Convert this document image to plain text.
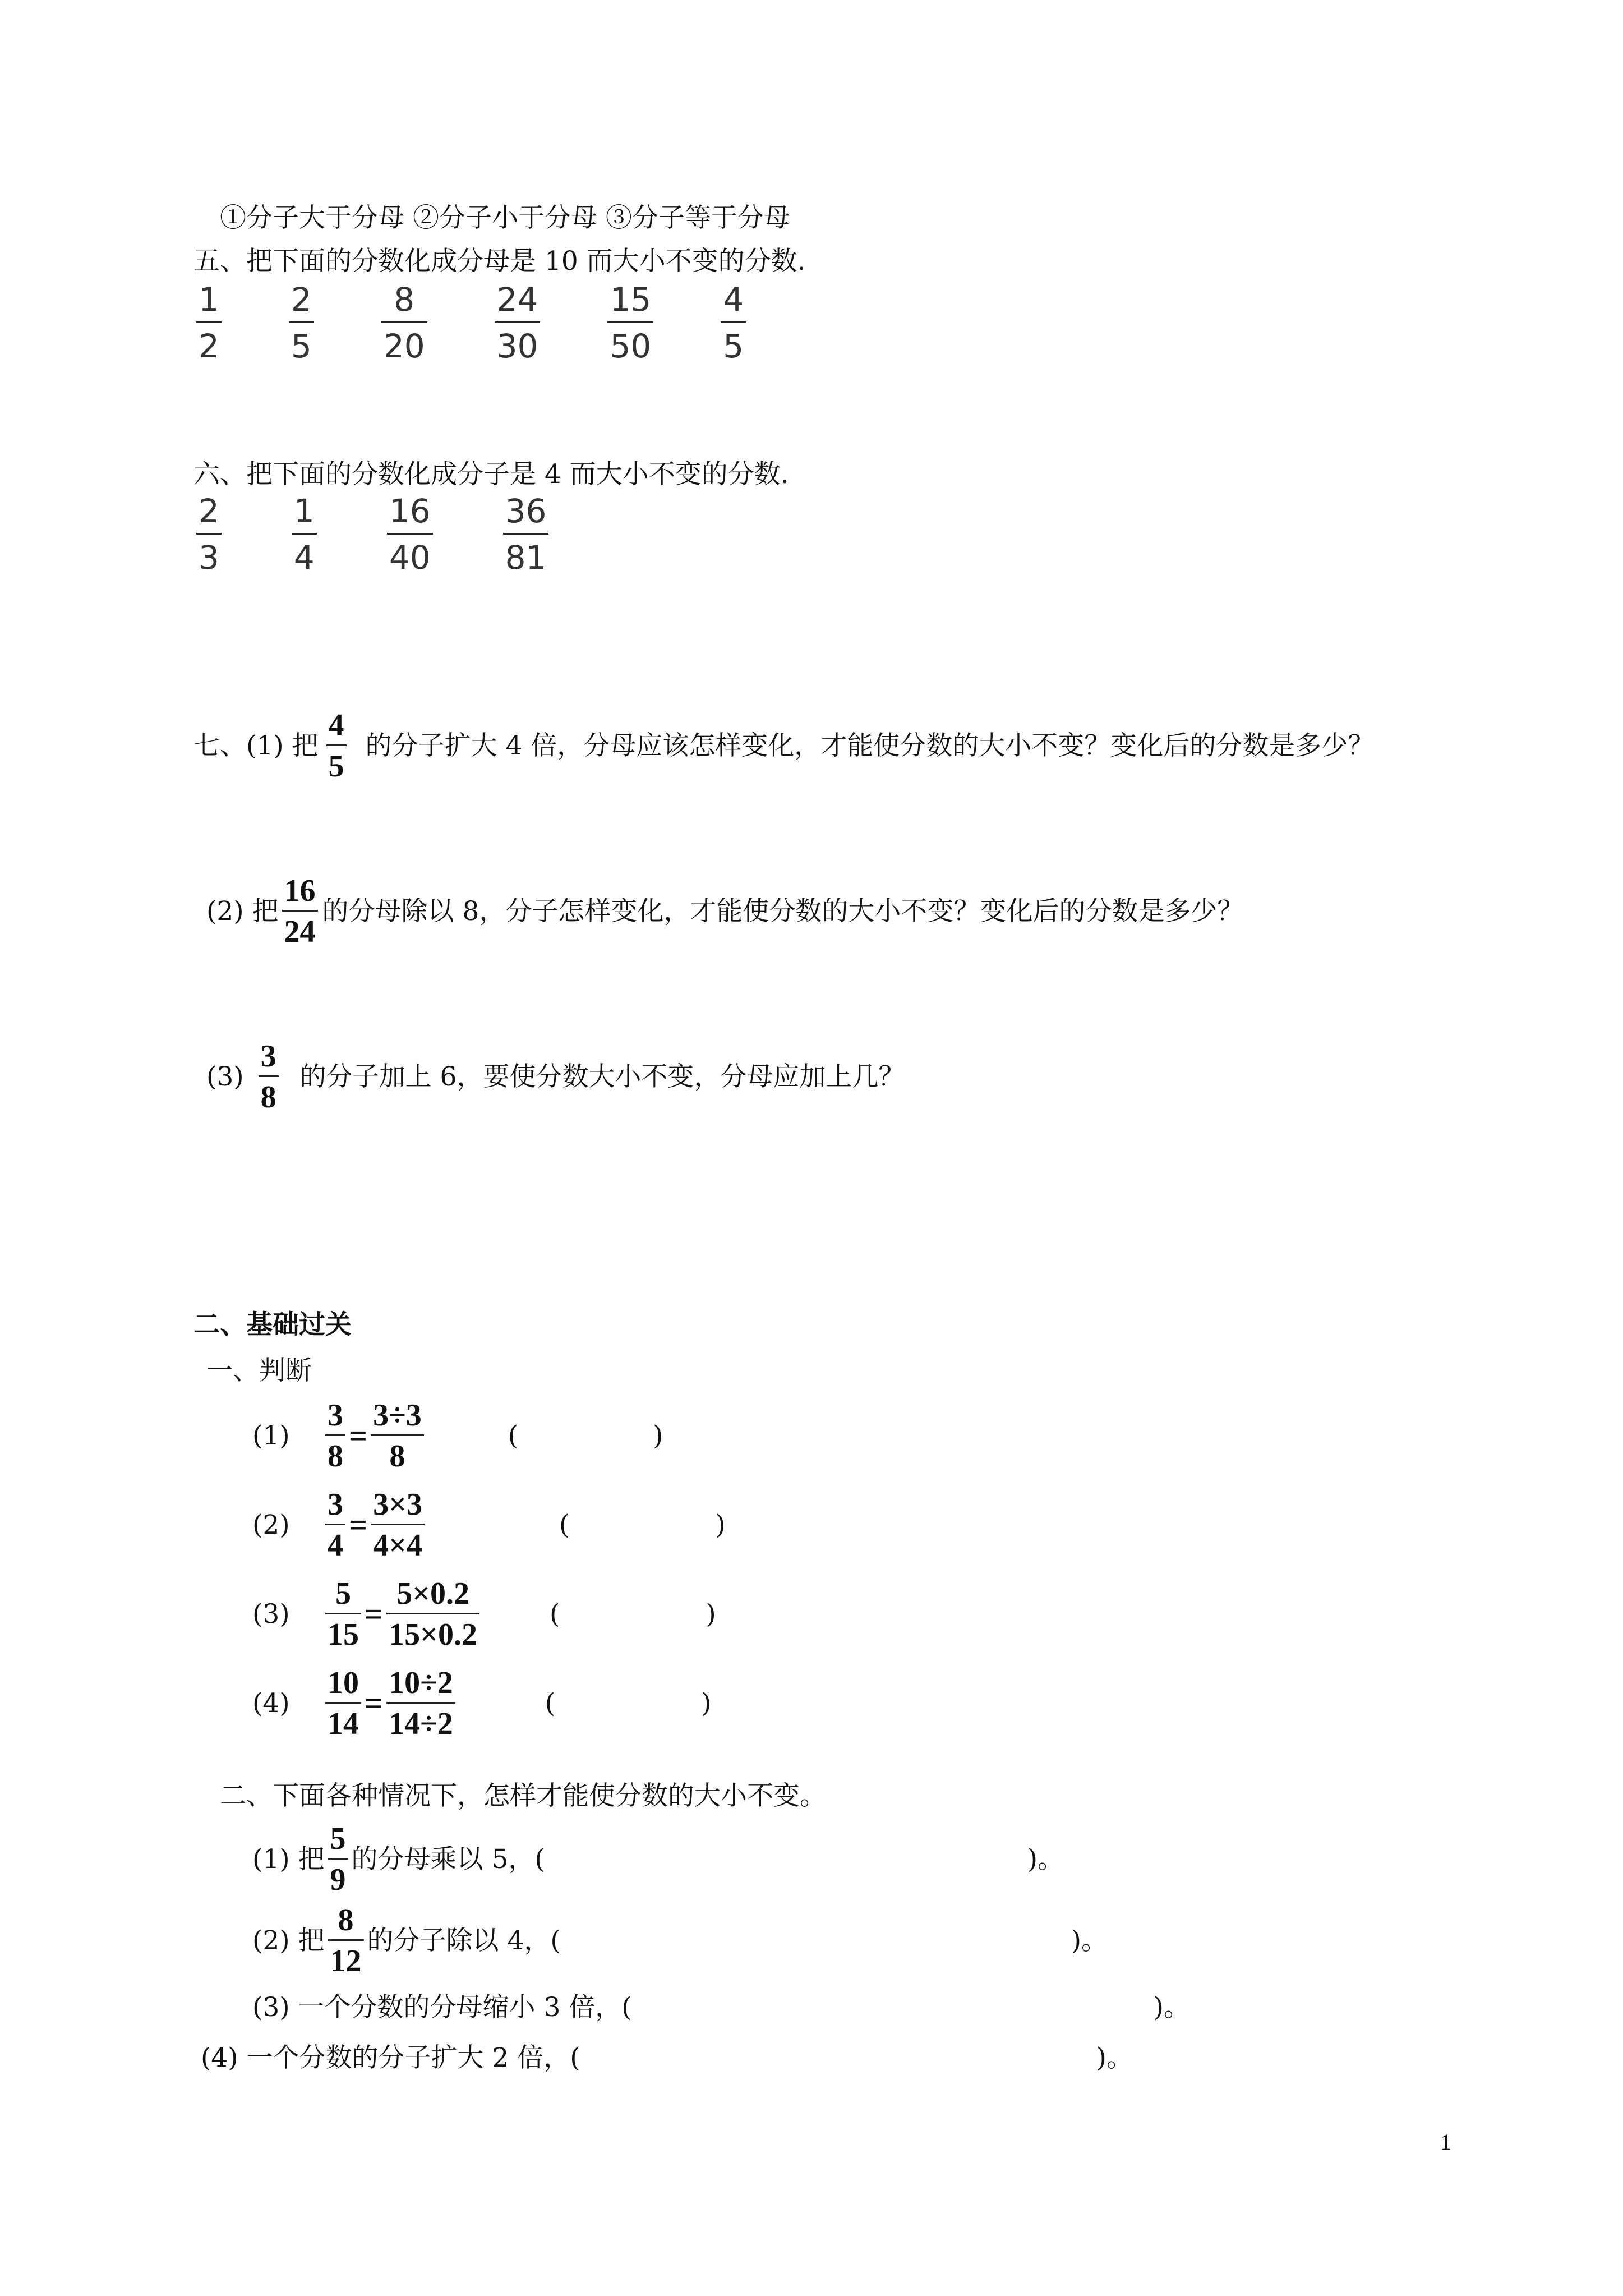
①分子大于分母 ②分子小于分母 ③分子等于分母
五、把下面的分数化成分母是 10 而大小不变的分数.
$\frac{1}{2} \frac{2}{5} \frac{8}{20} \frac{24}{30} \frac{15}{50} \frac{4}{5}$
六、把下面的分数化成分子是 4 而大小不变的分数.
$\frac{2}{3} \frac{1}{4} \frac{16}{40} \frac{36}{81}$
七、(1) 把 $\frac{4}{5}$ 的分子扩大 4 倍，分母应该怎样变化，才能使分数的大小不变？变化后的分数是多少？
(2) 把 $\frac{16}{24}$ 的分母除以 8，分子怎样变化，才能使分数的大小不变？变化后的分数是多少？
$(3) \frac{3}{8}$ 的分子加上 6，要使分数大小不变，分母应加上几？
二、基础过关
一、判断
(1)	$\frac{3}{8} = \frac{3\div 3}{8}$	(	)
(2)	$\frac{3}{4} = \frac{3\times 3}{4\times 4}$	(	)
(3)	$\frac{5}{15} = \frac{5\times 0.2}{15\times 0.2}$	(	)
(4)	$\frac{10}{14} = \frac{10\div 2}{14\div 2}$	(	)
二、下面各种情况下，怎样才能使分数的大小不变。
(1) 把 $\frac{5}{9}$ 的分母乘以 5，(	)。
(2) 把 $\frac{8}{12}$ 的分子除以 4，(	)。
(3) 一个分数的分母缩小 3 倍，(	)。
(4) 一个分数的分子扩大 2 倍，(	)。
1
